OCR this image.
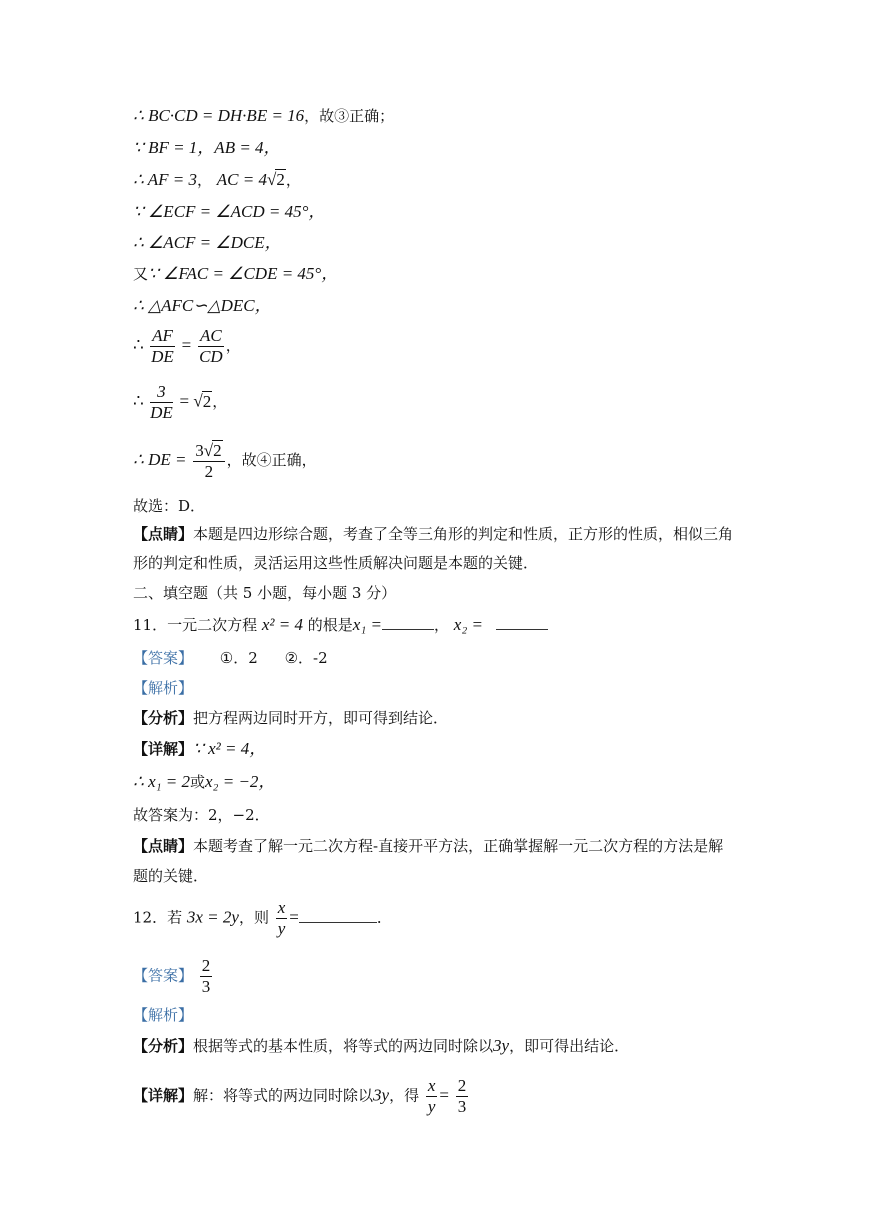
∴ BC·CD = DH·BE = 16，故③正确；
∵ BF = 1，AB = 4，
∴ AF = 3， AC = 4√2，
∵ ∠ECF = ∠ACD = 45°，
∴ ∠ACF = ∠DCE，
又∵ ∠FAC = ∠CDE = 45°，
∴ △AFC∽△DEC，
∴ $\frac{AF}{DE} = \frac{AC}{CD}$ ，
∴ $\frac{3}{DE} = √2$，
∴ DE = $\frac{3√2}{2}$ ，故④正确，
故选：D．
【点睛】本题是四边形综合题，考查了全等三角形的判定和性质，正方形的性质，相似三角
形的判定和性质，灵活运用这些性质解决问题是本题的关键．
二、填空题（共 5 小题，每小题 3 分）
11．一元二次方程 x² = 4 的根是x₁ =	， x₂ =
【答案】 ①．2 ②．-2
【解析】
【分析】把方程两边同时开方，即可得到结论．
【详解】∵ x² = 4，
∴ x₁ = 2或x₂ = −2，
故答案为：2，−2．
【点睛】本题考查了解一元二次方程-直接开平方法，正确掌握解一元二次方程的方法是解
题的关键．
12．若 3x = 2y，则 $\frac{x}{y}$ =	．
【答案】 $\frac{2}{3}$
【解析】
【分析】根据等式的基本性质，将等式的两边同时除以3y，即可得出结论．
【详解】解：将等式的两边同时除以3y，得 $\frac{x}{y} = \frac{2}{3}$
